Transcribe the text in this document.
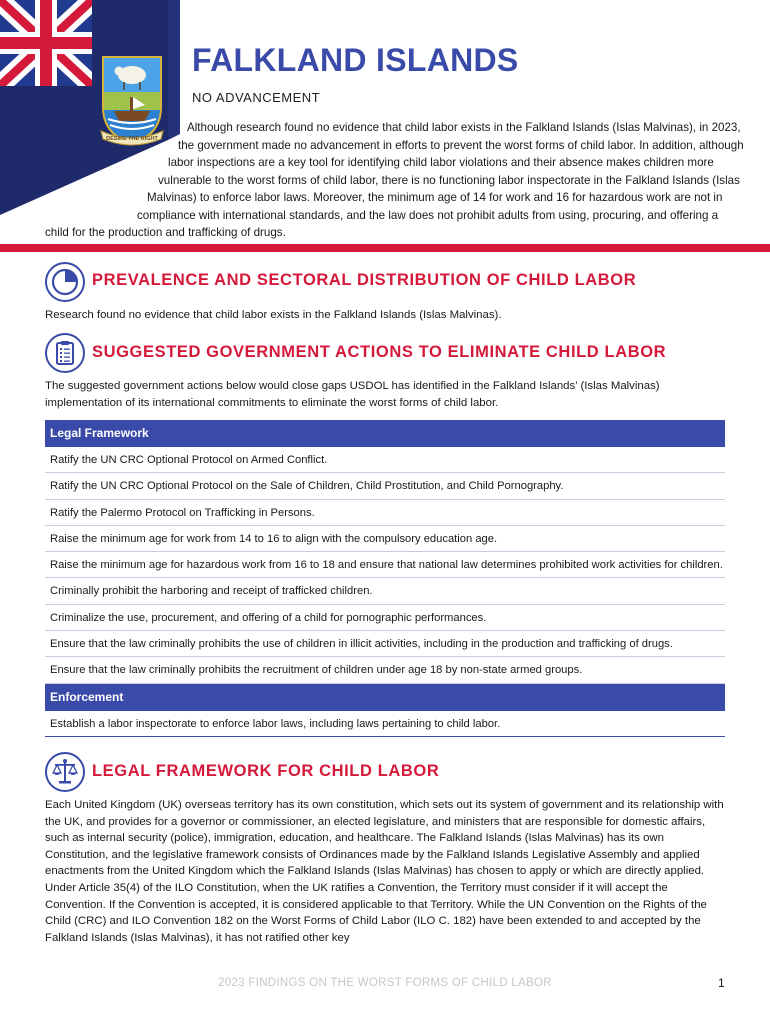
DESIRE THE RIGHT
FALKLAND ISLANDS
NO ADVANCEMENT
Although research found no evidence that child labor exists in the Falkland Islands (Islas Malvinas), in 2023,
the government made no advancement in efforts to prevent the worst forms of child labor. In addition, although
labor inspections are a key tool for identifying child labor violations and their absence makes children more
vulnerable to the worst forms of child labor, there is no functioning labor inspectorate in the Falkland Islands (Islas
Malvinas) to enforce labor laws. Moreover, the minimum age of 14 for work and 16 for hazardous work are not in
compliance with international standards, and the law does not prohibit adults from using, procuring, and offering a
child for the production and trafficking of drugs.
PREVALENCE AND SECTORAL DISTRIBUTION OF CHILD LABOR
Research found no evidence that child labor exists in the Falkland Islands (Islas Malvinas).
SUGGESTED GOVERNMENT ACTIONS TO ELIMINATE CHILD LABOR
The suggested government actions below would close gaps USDOL has identified in the Falkland Islands’ (Islas Malvinas) implementation of its international commitments to eliminate the worst forms of child labor.
Legal Framework
Ratify the UN CRC Optional Protocol on Armed Conflict.
Ratify the UN CRC Optional Protocol on the Sale of Children, Child Prostitution, and Child Pornography.
Ratify the Palermo Protocol on Trafficking in Persons.
Raise the minimum age for work from 14 to 16 to align with the compulsory education age.
Raise the minimum age for hazardous work from 16 to 18 and ensure that national law determines prohibited work activities for children.
Criminally prohibit the harboring and receipt of trafficked children.
Criminalize the use, procurement, and offering of a child for pornographic performances.
Ensure that the law criminally prohibits the use of children in illicit activities, including in the production and trafficking of drugs.
Ensure that the law criminally prohibits the recruitment of children under age 18 by non-state armed groups.
Enforcement
Establish a labor inspectorate to enforce labor laws, including laws pertaining to child labor.
LEGAL FRAMEWORK FOR CHILD LABOR
Each United Kingdom (UK) overseas territory has its own constitution, which sets out its system of government and its relationship with the UK, and provides for a governor or commissioner, an elected legislature, and ministers that are responsible for domestic affairs, such as internal security (police), immigration, education, and healthcare. The Falkland Islands (Islas Malvinas) has its own Constitution, and the legislative framework consists of Ordinances made by the Falkland Islands Legislative Assembly and applied enactments from the United Kingdom which the Falkland Islands (Islas Malvinas) has chosen to apply or which are directly applied. Under Article 35(4) of the ILO Constitution, when the UK ratifies a Convention, the Territory must consider if it will accept the Convention. If the Convention is accepted, it is considered applicable to that Territory. While the UN Convention on the Rights of the Child (CRC) and ILO Convention 182 on the Worst Forms of Child Labor (ILO C. 182) have been extended to and accepted by the Falkland Islands (Islas Malvinas), it has not ratified other key
2023 FINDINGS ON THE WORST FORMS OF CHILD LABOR	1
